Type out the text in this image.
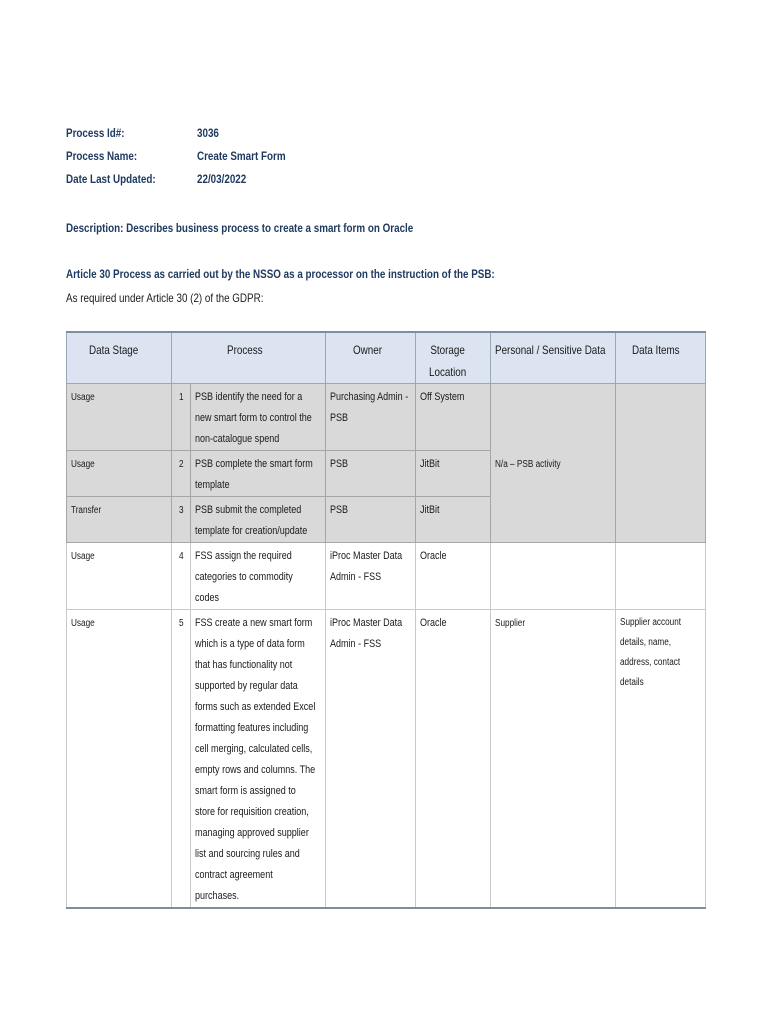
Process Id#:	3036
Process Name:	Create Smart Form
Date Last Updated:	22/03/2022
Description: Describes business process to create a smart form on Oracle
Article 30 Process as carried out by the NSSO as a processor on the instruction of the PSB:
As required under Article 30 (2) of the GDPR:
Data Stage	Process		Owner	Storage Location	Personal / Sensitive Data	Data Items
Usage	1	PSB identify the need for a new smart form to control the non-catalogue spend	Purchasing Admin - PSB	Off System	N/a – PSB activity	
Usage	2	PSB complete the smart form template	PSB	JitBit		
Transfer	3	PSB submit the completed template for creation/update	PSB	JitBit		
Usage	4	FSS assign the required categories to commodity codes	iProc Master Data Admin - FSS	Oracle		

Usage	5	FSS create a new smart form which is a type of data form that has functionality not supported by regular data forms such as extended Excel formatting features including cell merging, calculated cells, empty rows and columns. The smart form is assigned to store for requisition creation, managing approved supplier list and sourcing rules and contract agreement purchases.	iProc Master Data Admin - FSS	Oracle	Supplier	Supplier account details, name, address, contact details
